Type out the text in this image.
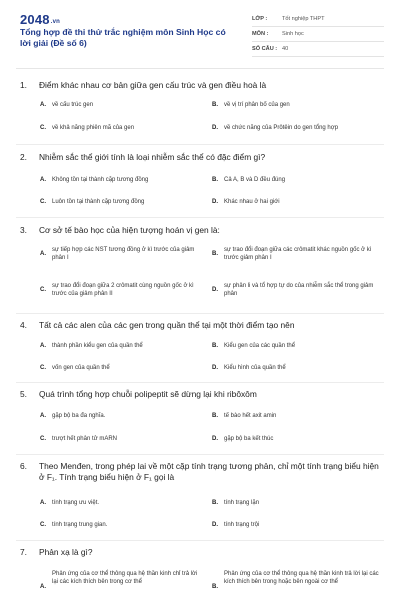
2048.vn
Tổng hợp đề thi thử trắc nghiệm môn Sinh Học có lời giải (Đề số 6)
LỚP :	Tốt nghiệp THPT
MÔN :	Sinh học
SỐ CÂU : 40
1. Điểm khác nhau cơ bản giữa gen cấu trúc và gen điều hoà là
A. về cấu trúc gen	B. về vị trí phân bố của gen
C. về khả năng phiên mã của gen	D. về chức năng của Prôtêin do gen tổng hợp
2. Nhiễm sắc thể giới tính là loại nhiễm sắc thể có đặc điểm gì?
A. Không tồn tại thành cặp tương đồng	B. Cả A, B và D đều đúng
C. Luôn tồn tại thành cặp tương đồng	D. Khác nhau ở hai giới
3. Cơ sở tế bào học của hiện tượng hoán vị gen là:
A.
sự tiếp hợp các NST tương đồng ở kì trước của giảm phân I
B.
sự trao đổi đoạn giữa các crômatit khác nguồn gốc ở kì trước giảm phân I
C.
sự trao đổi đoạn giữa 2 crômatit cùng nguồn gốc ở kì trước của giảm phân II
D.
sự phân li và tổ hợp tự do của nhiễm sắc thể trong giảm phân
4. Tất cả các alen của các gen trong quần thể tại một thời điểm tạo nên
A. thành phần kiểu gen của quần thể	B. Kiểu gen của các quần thể
C. vốn gen của quần thể	D. Kiểu hình của quần thể
5. Quá trình tổng hợp chuỗi polipeptit sẽ dừng lại khi ribôxôm
A. gặp bộ ba đa nghĩa.	B. tế bào hết axit amin
C. trượt hết phân tử mARN	D. gặp bộ ba kết thúc
6. Theo Menđen, trong phép lai về một cặp tính trạng tương phản, chỉ một tính trạng biểu hiện ở F₁. Tính trạng biểu hiện ở F₁ gọi là
A. tính trạng ưu việt.	B. tính trạng lặn
C. tính trạng trung gian.	D. tính trạng trội
7. Phản xạ là gì?
A.
Phản ứng của cơ thể thông qua hệ thần kinh chỉ trả lời lại các kích thích bên trong cơ thể
B.
Phản ứng của cơ thể thông qua hệ thần kinh trả lời lại các kích thích bên trong hoặc bên ngoài cơ thể
